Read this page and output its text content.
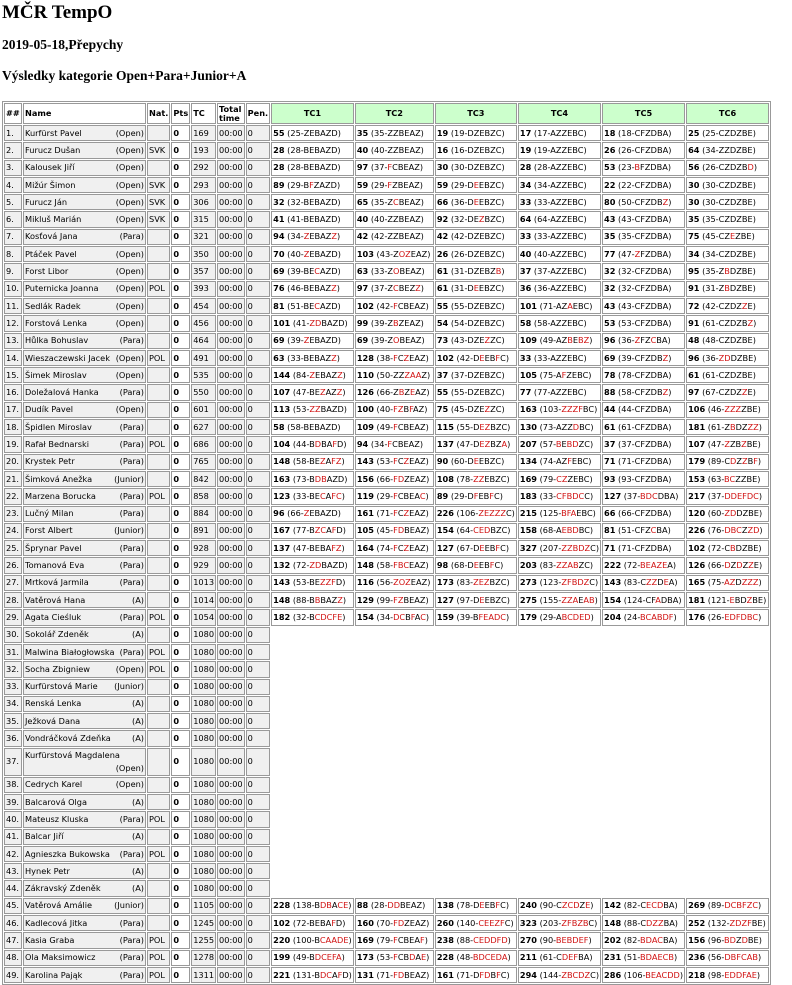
MČR TempO
2019-05-18,Přepychy
Výsledky kategorie Open+Para+Junior+A
##	Name	Nat.	Pts	TC	Total time	Pen.	TC1	TC2	TC3	TC4	TC5	TC6
1.	Kurfürst Pavel (Open)		0	169	00:00	0	55 (25-ZEBAZD)	35 (35-ZZBEAZ)	19 (19-DZEBZC)	17 (17-AZZEBC)	18 (18-CFZDBA)	25 (25-CZDZBE)
2.	Furucz Dušan (Open)	SVK	0	193	00:00	0	28 (28-BEBAZD)	40 (40-ZZBEAZ)	16 (16-DZEBZC)	19 (19-AZZEBC)	26 (26-CFZDBA)	64 (34-ZZDZBE)
3.	Kalousek Jiří (Open)		0	292	00:00	0	28 (28-BEBAZD)	97 (37-FCBEAZ)	30 (30-DZEBZC)	28 (28-AZZEBC)	53 (23-BFZDBA)	56 (26-CZDZBD)
4.	Mižúr Šimon (Open)	SVK	0	293	00:00	0	89 (29-BFZAZD)	59 (29-FZBEAZ)	59 (29-DEEBZC)	34 (34-AZZEBC)	22 (22-CFZDBA)	30 (30-CZDZBE)
5.	Furucz Ján (Open)	SVK	0	306	00:00	0	32 (32-BEBAZD)	65 (35-ZCBEAZ)	66 (36-DEEBZC)	33 (33-AZZEBC)	80 (50-CFZDBZ)	30 (30-CZDZBE)
6.	Mikluš Marián (Open)	SVK	0	315	00:00	0	41 (41-BEBAZD)	40 (40-ZZBEAZ)	92 (32-DEZBZC)	64 (64-AZZEBC)	43 (43-CFZDBA)	35 (35-CZDZBE)
7.	Kosťová Jana (Para)		0	321	00:00	0	94 (34-ZEBAZZ)	42 (42-ZZBEAZ)	42 (42-DZEBZC)	33 (33-AZZEBC)	35 (35-CFZDBA)	75 (45-CZEZBE)
8.	Ptáček Pavel (Open)		0	350	00:00	0	70 (40-ZEBAZD)	103 (43-ZOZEAZ)	26 (26-DZEBZC)	40 (40-AZZEBC)	77 (47-ZFZDBA)	34 (34-CZDZBE)
9.	Forst Libor (Open)		0	357	00:00	0	69 (39-BECAZD)	63 (33-ZOBEAZ)	61 (31-DZEBZB)	37 (37-AZZEBC)	32 (32-CFZDBA)	95 (35-ZBDZBE)
10.	Puternicka Joanna (Open)	POL	0	393	00:00	0	76 (46-BEBAZZ)	97 (37-ZCBEZZ)	61 (31-DEEBZC)	36 (36-AZZEBC)	32 (32-CFZDBA)	91 (31-ZBDZBE)
11.	Sedlák Radek (Open)		0	454	00:00	0	81 (51-BECAZD)	102 (42-FCBEAZ)	55 (55-DZEBZC)	101 (71-AZAEBC)	43 (43-CFZDBA)	72 (42-CZDZZE)
12.	Forstová Lenka (Open)		0	456	00:00	0	101 (41-ZDBAZD)	99 (39-ZBZEAZ)	54 (54-DZEBZC)	58 (58-AZZEBC)	53 (53-CFZDBA)	91 (61-CZDZBZ)
13.	Hůlka Bohuslav (Para)		0	464	00:00	0	69 (39-ZEBAZD)	69 (39-ZOBEAZ)	73 (43-DZEZZC)	109 (49-AZBEBZ)	96 (36-ZFZCBA)	48 (48-CZDZBE)
14.	Wieszaczewski Jacek (Open)	POL	0	491	00:00	0	63 (33-BEBAZZ)	128 (38-FCZEAZ)	102 (42-DEEBFC)	33 (33-AZZEBC)	69 (39-CFZDBZ)	96 (36-ZDDZBE)
15.	Šimek Miroslav (Open)		0	535	00:00	0	144 (84-ZEBAZZ)	110 (50-ZZZAAZ)	37 (37-DZEBZC)	105 (75-AFZEBC)	78 (78-CFZDBA)	61 (61-CZDZBE)
16.	Doležalová Hanka (Para)		0	550	00:00	0	107 (47-BEZAZZ)	126 (66-ZBZEAZ)	55 (55-DZEBZC)	77 (77-AZZEBC)	88 (58-CFZDBZ)	97 (67-CZDZZE)
17.	Dudík Pavel (Open)		0	601	00:00	0	113 (53-ZZBAZD)	100 (40-FZBFAZ)	75 (45-DZEZZC)	163 (103-ZZZFBC)	44 (44-CFZDBA)	106 (46-ZZZZBE)
18.	Špidlen Miroslav (Para)		0	627	00:00	0	58 (58-BEBAZD)	109 (49-FCBEAZ)	115 (55-DEZBZC)	130 (73-AZZDBC)	61 (61-CFZDBA)	181 (61-ZBDZZZ)
19.	Rafał Bednarski (Para)	POL	0	686	00:00	0	104 (44-BDBAFD)	94 (34-FCBEAZ)	137 (47-DEZBZA)	207 (57-BEBDZC)	37 (37-CFZDBA)	107 (47-ZZBZBE)
20.	Krystek Petr (Para)		0	765	00:00	0	148 (58-BEZAFZ)	143 (53-FCZEAZ)	90 (60-DEEBZC)	134 (74-AZFEBC)	71 (71-CFZDBA)	179 (89-CDZZBF)
21.	Šimková Anežka (Junior)		0	842	00:00	0	163 (73-BDBAZD)	156 (66-FDZEAZ)	108 (78-ZZEBZC)	169 (79-CZZEBC)	93 (93-CFZDBA)	153 (63-BCZZBE)
22.	Marzena Borucka (Para)	POL	0	858	00:00	0	123 (33-BECAFC)	119 (29-FCBEAC)	89 (29-DFEBFC)	183 (33-CFBDCC)	127 (37-BDCDBA)	217 (37-DDEFDC)
23.	Lučný Milan (Para)		0	884	00:00	0	96 (66-ZEBAZD)	161 (71-FCZEAZ)	226 (106-ZEZZZC)	215 (125-BFAEBC)	66 (66-CFZDBA)	120 (60-ZDDZBE)
24.	Forst Albert (Junior)		0	891	00:00	0	167 (77-BZCAFD)	105 (45-FDBEAZ)	154 (64-CEDBZC)	158 (68-AEBDBC)	81 (51-CFZCBA)	226 (76-DBCZZD)
25.	Šprynar Pavel (Para)		0	928	00:00	0	137 (47-BEBAFZ)	164 (74-FCZEAZ)	127 (67-DEEBFC)	327 (207-ZZBDZC)	71 (71-CFZDBA)	102 (72-CBDZBE)
26.	Tomanová Eva (Para)		0	929	00:00	0	132 (72-ZDBAZD)	148 (58-FBCEAZ)	98 (68-DEEBFC)	203 (83-ZZABZC)	222 (72-BEAZEA)	126 (66-DZDZZE)
27.	Mrtková Jarmila (Para)		0	1013	00:00	0	143 (53-BEZZFD)	116 (56-ZOZEAZ)	173 (83-ZEZBZC)	273 (123-ZFBDZC)	143 (83-CZZDEA)	165 (75-AZDZZZ)
28.	Vatěrová Hana (A)		0	1014	00:00	0	148 (88-BBBAZZ)	129 (99-FZBEAZ)	127 (97-DEEBZC)	275 (155-ZZAEAB)	154 (124-CFADBA)	181 (121-EBDZBE)
29.	Agata Cieśluk (Para)	POL	0	1054	00:00	0	182 (32-BCDCFE)	154 (34-DCBFAC)	159 (39-BFEADC)	179 (29-ABCDED)	204 (24-BCABDF)	176 (26-EDFDBC)
30.	Sokolář Zdeněk (A)		0	1080	00:00	0						
31.	Malwina Białogłowska (Para)	POL	0	1080	00:00	0						
32.	Socha Zbigniew (Open)	POL	0	1080	00:00	0						
33.	Kurfürstová Marie (Junior)		0	1080	00:00	0						
34.	Renská Lenka (A)		0	1080	00:00	0						
35.	Ježková Dana (A)		0	1080	00:00	0						
36.	Vondráčková Zdeňka (A)		0	1080	00:00	0						
37.	Kurfürstová Magdalena
(Open)		0	1080	00:00	0						
38.	Cedrych Karel (Open)		0	1080	00:00	0						
39.	Balcarová Olga (A)		0	1080	00:00	0						
40.	Mateusz Kluska (Para)	POL	0	1080	00:00	0						
41.	Balcar Jiří (A)		0	1080	00:00	0						
42.	Agnieszka Bukowska (Para)	POL	0	1080	00:00	0						
43.	Hynek Petr (A)		0	1080	00:00	0						
44.	Zákravský Zdeněk (A)		0	1080	00:00	0						
45.	Vatěrová Amálie (Junior)		0	1105	00:00	0	228 (138-BDBACE)	88 (28-DDBEAZ)	138 (78-DEEBFC)	240 (90-CZCDZE)	142 (82-CECDBA)	269 (89-DCBFZC)
46.	Kadlecová Jitka (Para)		0	1245	00:00	0	102 (72-BEBAFD)	160 (70-FDZEAZ)	260 (140-CEEZFC)	323 (203-ZFBZBC)	148 (88-CDZZBA)	252 (132-ZDZFBE)
47.	Kasia Graba (Para)	POL	0	1255	00:00	0	220 (100-BCAADE)	169 (79-FCBEAF)	238 (88-CEDDFD)	270 (90-BEBDEF)	202 (82-BDACBA)	156 (96-BDZDBE)
48.	Ola Maksimowicz (Para)	POL	0	1278	00:00	0	199 (49-BDCEFA)	173 (53-FCBDAE)	228 (48-BDCEDA)	211 (61-CDEFBA)	231 (51-BDAECB)	236 (56-DBFCAB)
49.	Karolina Pająk (Para)	POL	0	1311	00:00	0	221 (131-BDCAFD)	131 (71-FDBEAZ)	161 (71-DFDBFC)	294 (144-ZBCDZC)	286 (106-BEACDD)	218 (98-EDDFAE)
